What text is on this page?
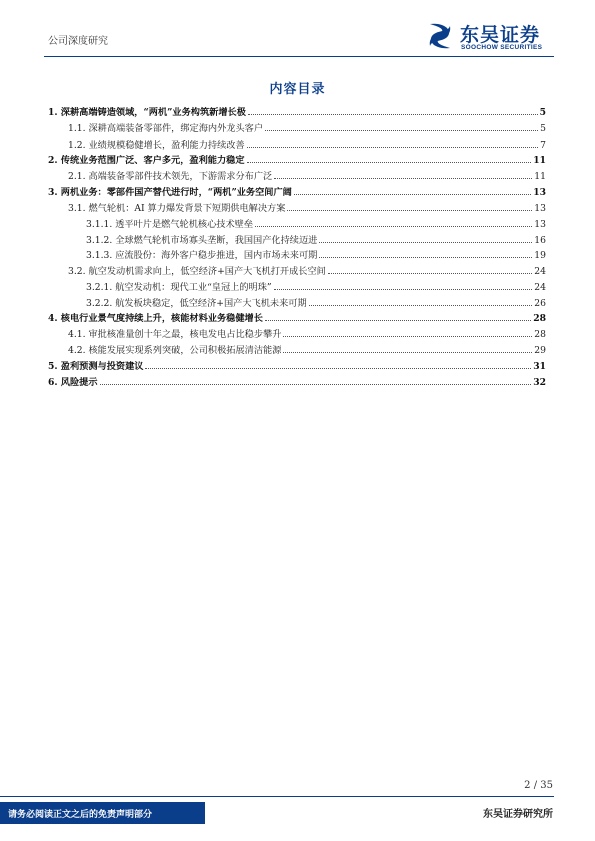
公司深度研究	东吴证券
SOOCHOW SECURITIES
内容目录
1. 深耕高端铸造领域，“两机”业务构筑新增长极	5
1.1. 深耕高端装备零部件，绑定海内外龙头客户	5
1.2. 业绩规模稳健增长，盈利能力持续改善	7
2. 传统业务范围广泛、客户多元，盈利能力稳定	11
2.1. 高端装备零部件技术领先，下游需求分布广泛	11
3. 两机业务：零部件国产替代进行时，“两机”业务空间广阔	13
3.1. 燃气轮机：AI 算力爆发背景下短期供电解决方案	13
3.1.1. 透平叶片是燃气轮机核心技术壁垒	13
3.1.2. 全球燃气轮机市场寡头垄断，我国国产化持续迈进	16
3.1.3. 应流股份：海外客户稳步推进，国内市场未来可期	19
3.2. 航空发动机需求向上，低空经济+国产大飞机打开成长空间	24
3.2.1. 航空发动机：现代工业“皇冠上的明珠”	24
3.2.2. 航发板块稳定，低空经济+国产大飞机未来可期	26
4. 核电行业景气度持续上升，核能材料业务稳健增长	28
4.1. 审批核准量创十年之最，核电发电占比稳步攀升	28
4.2. 核能发展实现系列突破，公司积极拓展清洁能源	29
5. 盈利预测与投资建议	31
6. 风险提示	32
2 / 35
请务必阅读正文之后的免责声明部分	东吴证券研究所
